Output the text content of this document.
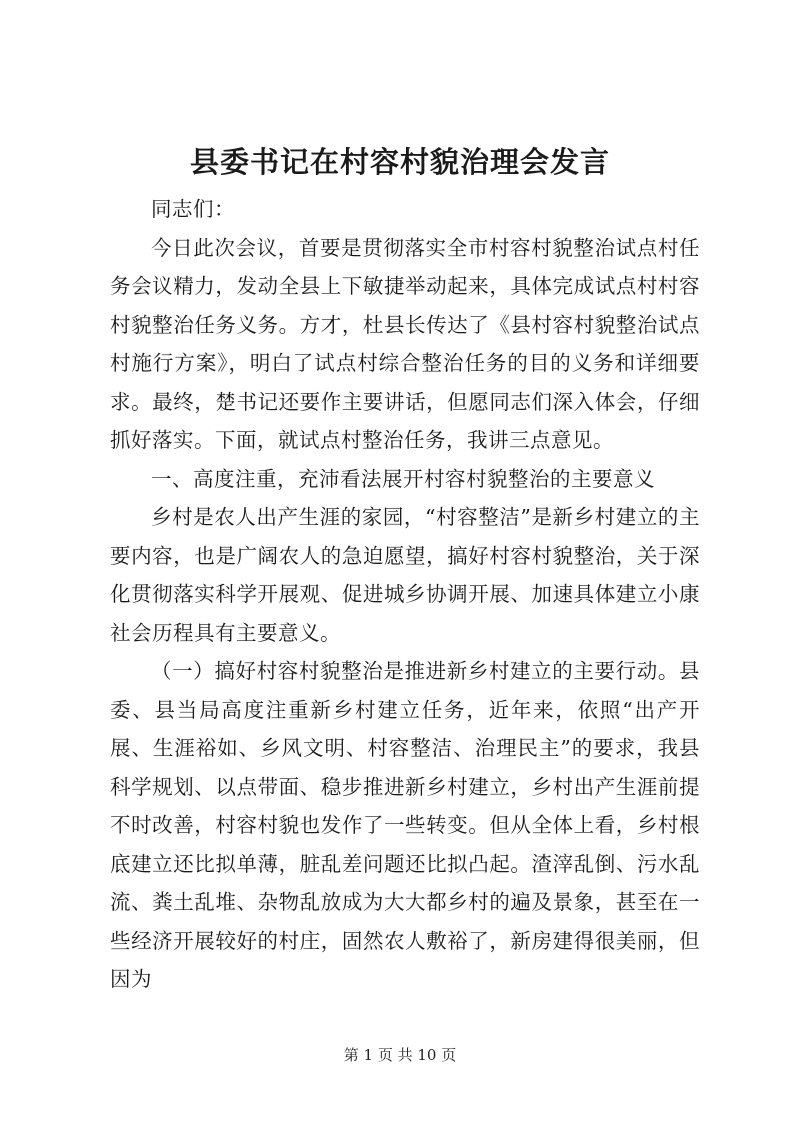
县委书记在村容村貌治理会发言

同志们：

今日此次会议，首要是贯彻落实全市村容村貌整治试点村任务会议精力，发动全县上下敏捷举动起来，具体完成试点村村容村貌整治任务义务。方才，杜县长传达了《县村容村貌整治试点村施行方案》，明白了试点村综合整治任务的目的义务和详细要求。最终，楚书记还要作主要讲话，但愿同志们深入体会，仔细抓好落实。下面，就试点村整治任务，我讲三点意见。

一、高度注重，充沛看法展开村容村貌整治的主要意义

乡村是农人出产生涯的家园，“村容整洁”是新乡村建立的主要内容，也是广阔农人的急迫愿望，搞好村容村貌整治，关于深化贯彻落实科学开展观、促进城乡协调开展、加速具体建立小康社会历程具有主要意义。

（一）搞好村容村貌整治是推进新乡村建立的主要行动。县委、县当局高度注重新乡村建立任务，近年来，依照“出产开展、生涯裕如、乡风文明、村容整洁、治理民主”的要求，我县科学规划、以点带面、稳步推进新乡村建立，乡村出产生涯前提不时改善，村容村貌也发作了一些转变。但从全体上看，乡村根底建立还比拟单薄，脏乱差问题还比拟凸起。渣滓乱倒、污水乱流、粪土乱堆、杂物乱放成为大大都乡村的遍及景象，甚至在一些经济开展较好的村庄，固然农人敷裕了，新房建得很美丽，但因为

第 1 页 共 10 页
